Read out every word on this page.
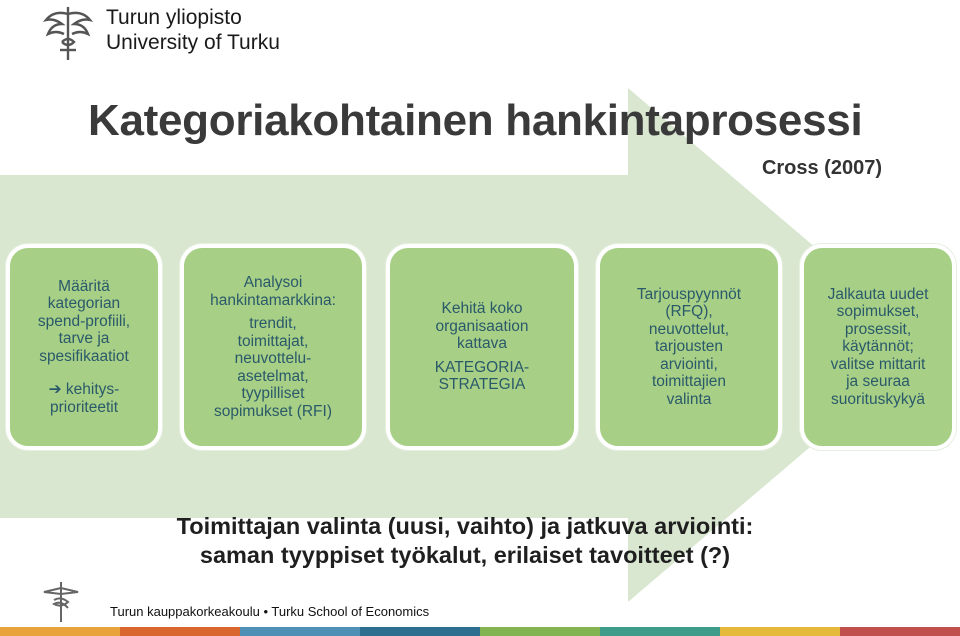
Turun yliopisto
University of Turku
Kategoriakohtainen hankintaprosessi
Cross (2007)

Määritä

kategorian

spend-profiili,

tarve ja

spesifikaatiot

➔ kehitys-

prioriteetit

Analysoi

hankintamarkkina:

trendit,

toimittajat,

neuvottelu-

asetelmat,

tyypilliset

sopimukset (RFI)

Kehitä koko

organisaation

kattava

KATEGORIA-

STRATEGIA

Tarjouspyynnöt

(RFQ),

neuvottelut,

tarjousten

arviointi,

toimittajien

valinta

Jalkauta uudet

sopimukset,

prosessit,

käytännöt;

valitse mittarit

ja seuraa

suorituskykyä

Toimittajan valinta (uusi, vaihto) ja jatkuva arviointi:
saman tyyppiset työkalut, erilaiset tavoitteet (?)
Turun kauppakorkeakoulu • Turku School of Economics
